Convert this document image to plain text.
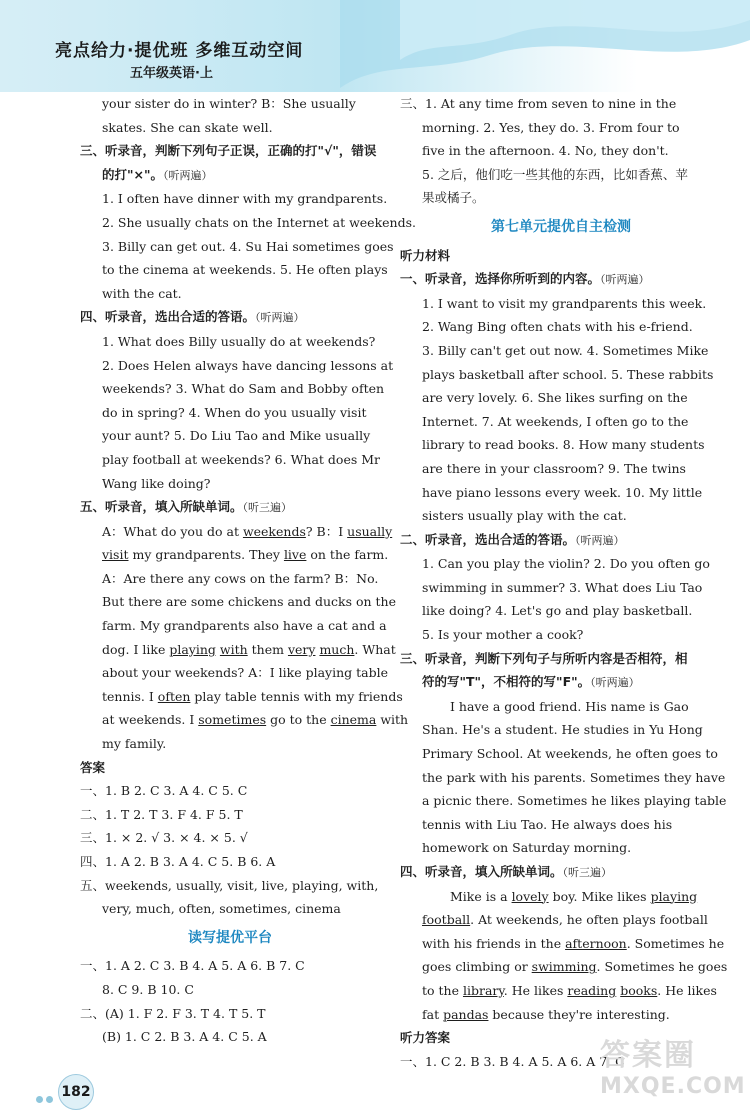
亮点给力·提优班 多维互动空间
五年级英语·上
your sister do in winter? B：She usually
skates. She can skate well.
三、听录音，判断下列句子正误，正确的打"√"，错误
的打"×"。（听两遍）
1. I often have dinner with my grandparents.
2. She usually chats on the Internet at weekends.
3. Billy can get out. 4. Su Hai sometimes goes
to the cinema at weekends. 5. He often plays
with the cat.
四、听录音，选出合适的答语。（听两遍）
1. What does Billy usually do at weekends?
2. Does Helen always have dancing lessons at
weekends? 3. What do Sam and Bobby often
do in spring? 4. When do you usually visit
your aunt? 5. Do Liu Tao and Mike usually
play football at weekends? 6. What does Mr
Wang like doing?
五、听录音，填入所缺单词。（听三遍）
A：What do you do at weekends? B：I usually
visit my grandparents. They live on the farm.
A：Are there any cows on the farm? B：No.
But there are some chickens and ducks on the
farm. My grandparents also have a cat and a
dog. I like playing with them very much. What
about your weekends? A：I like playing table
tennis. I often play table tennis with my friends
at weekends. I sometimes go to the cinema with
my family.
答案
一、1. B 2. C 3. A 4. C 5. C
二、1. T 2. T 3. F 4. F 5. T
三、1. × 2. √ 3. × 4. × 5. √
四、1. A 2. B 3. A 4. C 5. B 6. A
五、weekends, usually, visit, live, playing, with,
very, much, often, sometimes, cinema
读写提优平台
一、1. A 2. C 3. B 4. A 5. A 6. B 7. C
8. C 9. B 10. C
二、(A) 1. F 2. F 3. T 4. T 5. T
(B) 1. C 2. B 3. A 4. C 5. A
三、1. At any time from seven to nine in the
morning. 2. Yes, they do. 3. From four to
five in the afternoon. 4. No, they don't.
5. 之后，他们吃一些其他的东西，比如香蕉、苹
果或橘子。
第七单元提优自主检测
听力材料
一、听录音，选择你所听到的内容。（听两遍）
1. I want to visit my grandparents this week.
2. Wang Bing often chats with his e-friend.
3. Billy can't get out now. 4. Sometimes Mike
plays basketball after school. 5. These rabbits
are very lovely. 6. She likes surfing on the
Internet. 7. At weekends, I often go to the
library to read books. 8. How many students
are there in your classroom? 9. The twins
have piano lessons every week. 10. My little
sisters usually play with the cat.
二、听录音，选出合适的答语。（听两遍）
1. Can you play the violin? 2. Do you often go
swimming in summer? 3. What does Liu Tao
like doing? 4. Let's go and play basketball.
5. Is your mother a cook?
三、听录音，判断下列句子与所听内容是否相符，相
符的写"T"，不相符的写"F"。（听两遍）
I have a good friend. His name is Gao
Shan. He's a student. He studies in Yu Hong
Primary School. At weekends, he often goes to
the park with his parents. Sometimes they have
a picnic there. Sometimes he likes playing table
tennis with Liu Tao. He always does his
homework on Saturday morning.
四、听录音，填入所缺单词。（听三遍）
Mike is a lovely boy. Mike likes playing
football. At weekends, he often plays football
with his friends in the afternoon. Sometimes he
goes climbing or swimming. Sometimes he goes
to the library. He likes reading books. He likes
fat pandas because they're interesting.
听力答案
一、1. C 2. B 3. B 4. A 5. A 6. A 7. C
182
答案圈
MXQE.COM
